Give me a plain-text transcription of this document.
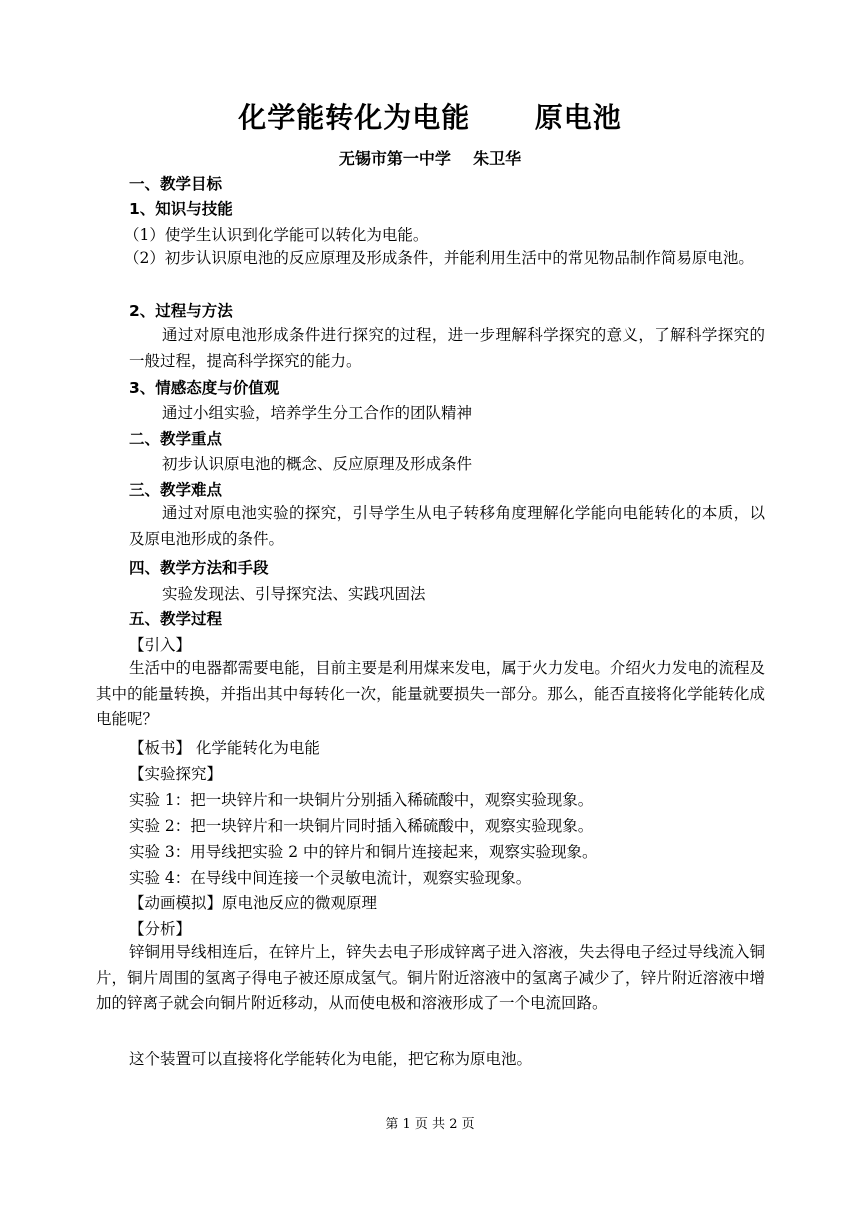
化学能转化为电能      原电池
无锡市第一中学    朱卫华
一、教学目标
1、知识与技能
（1）使学生认识到化学能可以转化为电能。
（2）初步认识原电池的反应原理及形成条件，并能利用生活中的常见物品制作简易原电池。
2、过程与方法
通过对原电池形成条件进行探究的过程，进一步理解科学探究的意义，了解科学探究的一般过程，提高科学探究的能力。
3、情感态度与价值观
通过小组实验，培养学生分工合作的团队精神
二、教学重点
初步认识原电池的概念、反应原理及形成条件
三、教学难点
通过对原电池实验的探究，引导学生从电子转移角度理解化学能向电能转化的本质，以及原电池形成的条件。
四、教学方法和手段
实验发现法、引导探究法、实践巩固法
五、教学过程
【引入】
生活中的电器都需要电能，目前主要是利用煤来发电，属于火力发电。介绍火力发电的流程及其中的能量转换，并指出其中每转化一次，能量就要损失一部分。那么，能否直接将化学能转化成电能呢？
【板书】 化学能转化为电能
【实验探究】
实验 1：把一块锌片和一块铜片分别插入稀硫酸中，观察实验现象。
实验 2：把一块锌片和一块铜片同时插入稀硫酸中，观察实验现象。
实验 3：用导线把实验 2 中的锌片和铜片连接起来，观察实验现象。
实验 4：在导线中间连接一个灵敏电流计，观察实验现象。
【动画模拟】原电池反应的微观原理
【分析】
锌铜用导线相连后，在锌片上，锌失去电子形成锌离子进入溶液，失去得电子经过导线流入铜片，铜片周围的氢离子得电子被还原成氢气。铜片附近溶液中的氢离子减少了，锌片附近溶液中增加的锌离子就会向铜片附近移动，从而使电极和溶液形成了一个电流回路。
这个装置可以直接将化学能转化为电能，把它称为原电池。
第 1 页 共 2 页
